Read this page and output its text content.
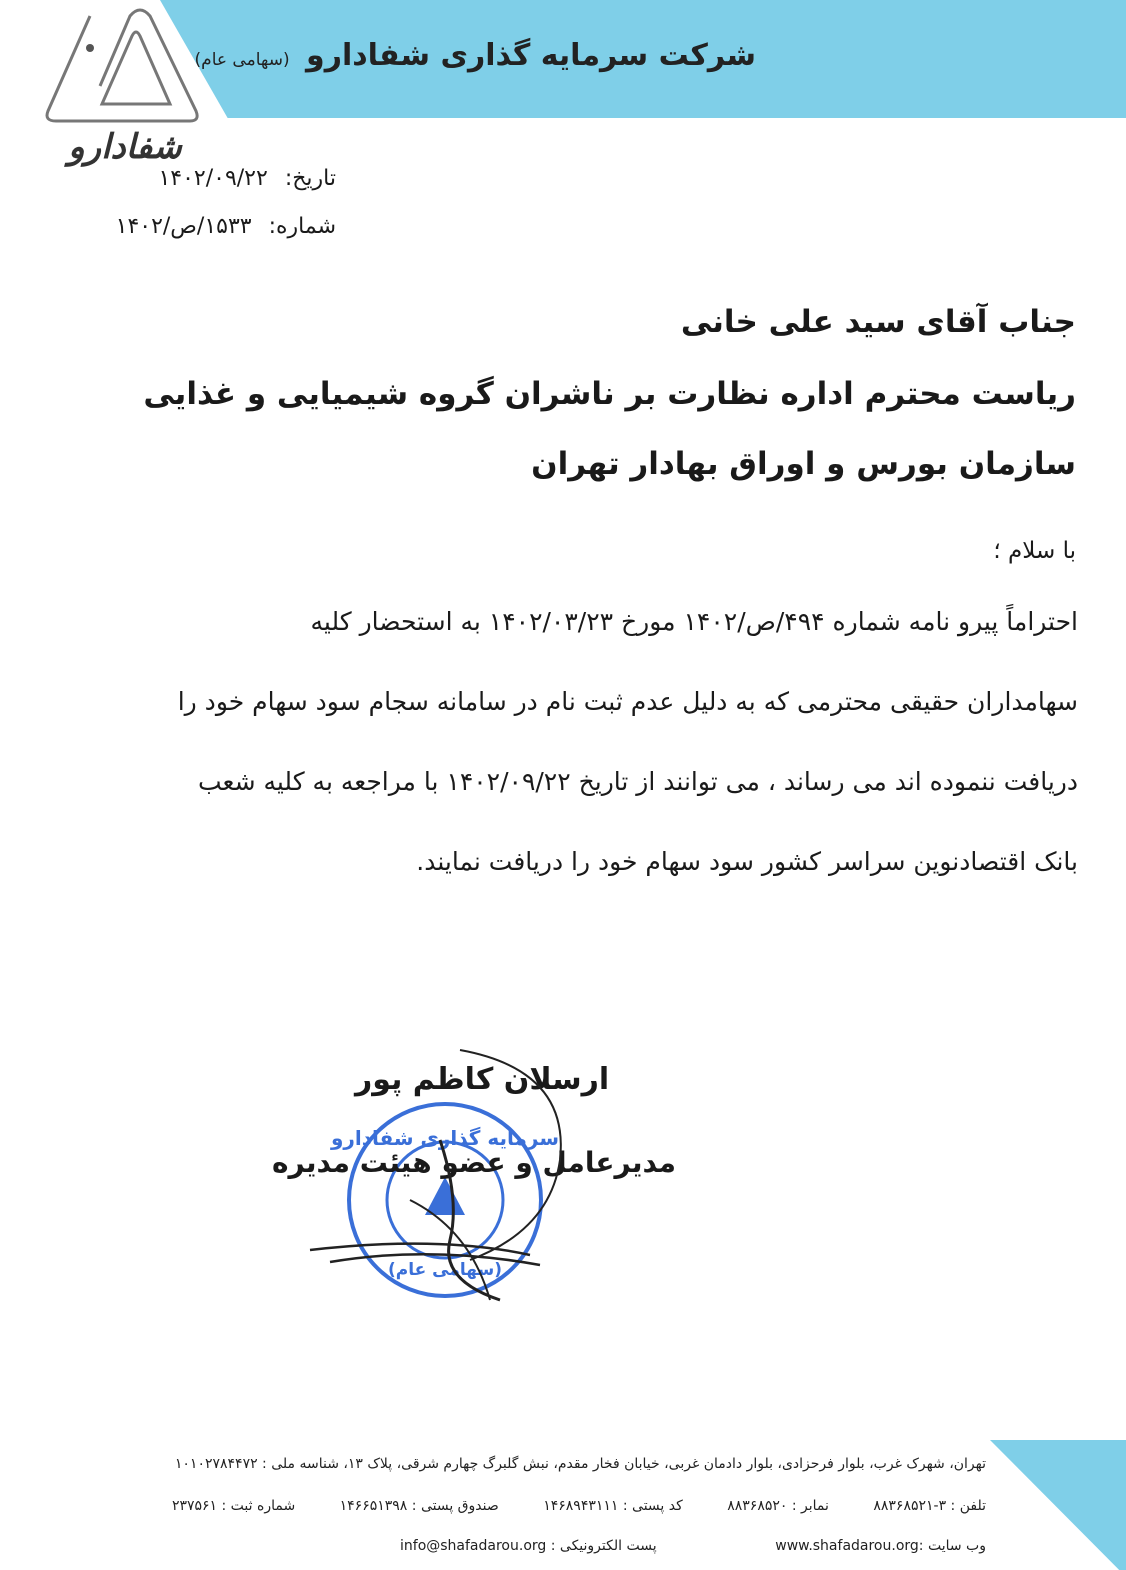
شرکت سرمایه گذاری شفادارو (سهامی عام)
شفادارو
تاریخ: ۱۴۰۲/۰۹/۲۲
شماره: ۱۵۳۳/ص/۱۴۰۲
جناب آقای سید علی خانی
ریاست محترم اداره نظارت بر ناشران گروه شیمیایی و غذایی
سازمان بورس و اوراق بهادار تهران
با سلام ؛
احتراماً پیرو نامه شماره ۴۹۴/ص/۱۴۰۲ مورخ ۱۴۰۲/۰۳/۲۳ به استحضار کلیه
سهامداران حقیقی محترمی که به دلیل عدم ثبت نام در سامانه سجام سود سهام خود را
دریافت ننموده اند می رساند ، می توانند از تاریخ ۱۴۰۲/۰۹/۲۲ با مراجعه به کلیه شعب
بانک اقتصادنوین سراسر کشور سود سهام خود را دریافت نمایند.
سرمایه گذاری شفادارو
(سهامی عام)
ارسلان کاظم پور
مدیرعامل و عضو هیئت مدیره
تهران، شهرک غرب، بلوار فرحزادی، بلوار دادمان غربی، خیابان فخار مقدم، نبش گلبرگ چهارم شرقی، پلاک ۱۳، شناسه ملی : ۱۰۱۰۲۷۸۴۴۷۲
تلفن : ۳-۸۸۳۶۸۵۲۱ نمابر : ۸۸۳۶۸۵۲۰ کد پستی : ۱۴۶۸۹۴۳۱۱۱ صندوق پستی : ۱۴۶۶۵۱۳۹۸ شماره ثبت : ۲۳۷۵۶۱
وب سایت :www.shafadarou.org
پست الکترونیکی : info@shafadarou.org
